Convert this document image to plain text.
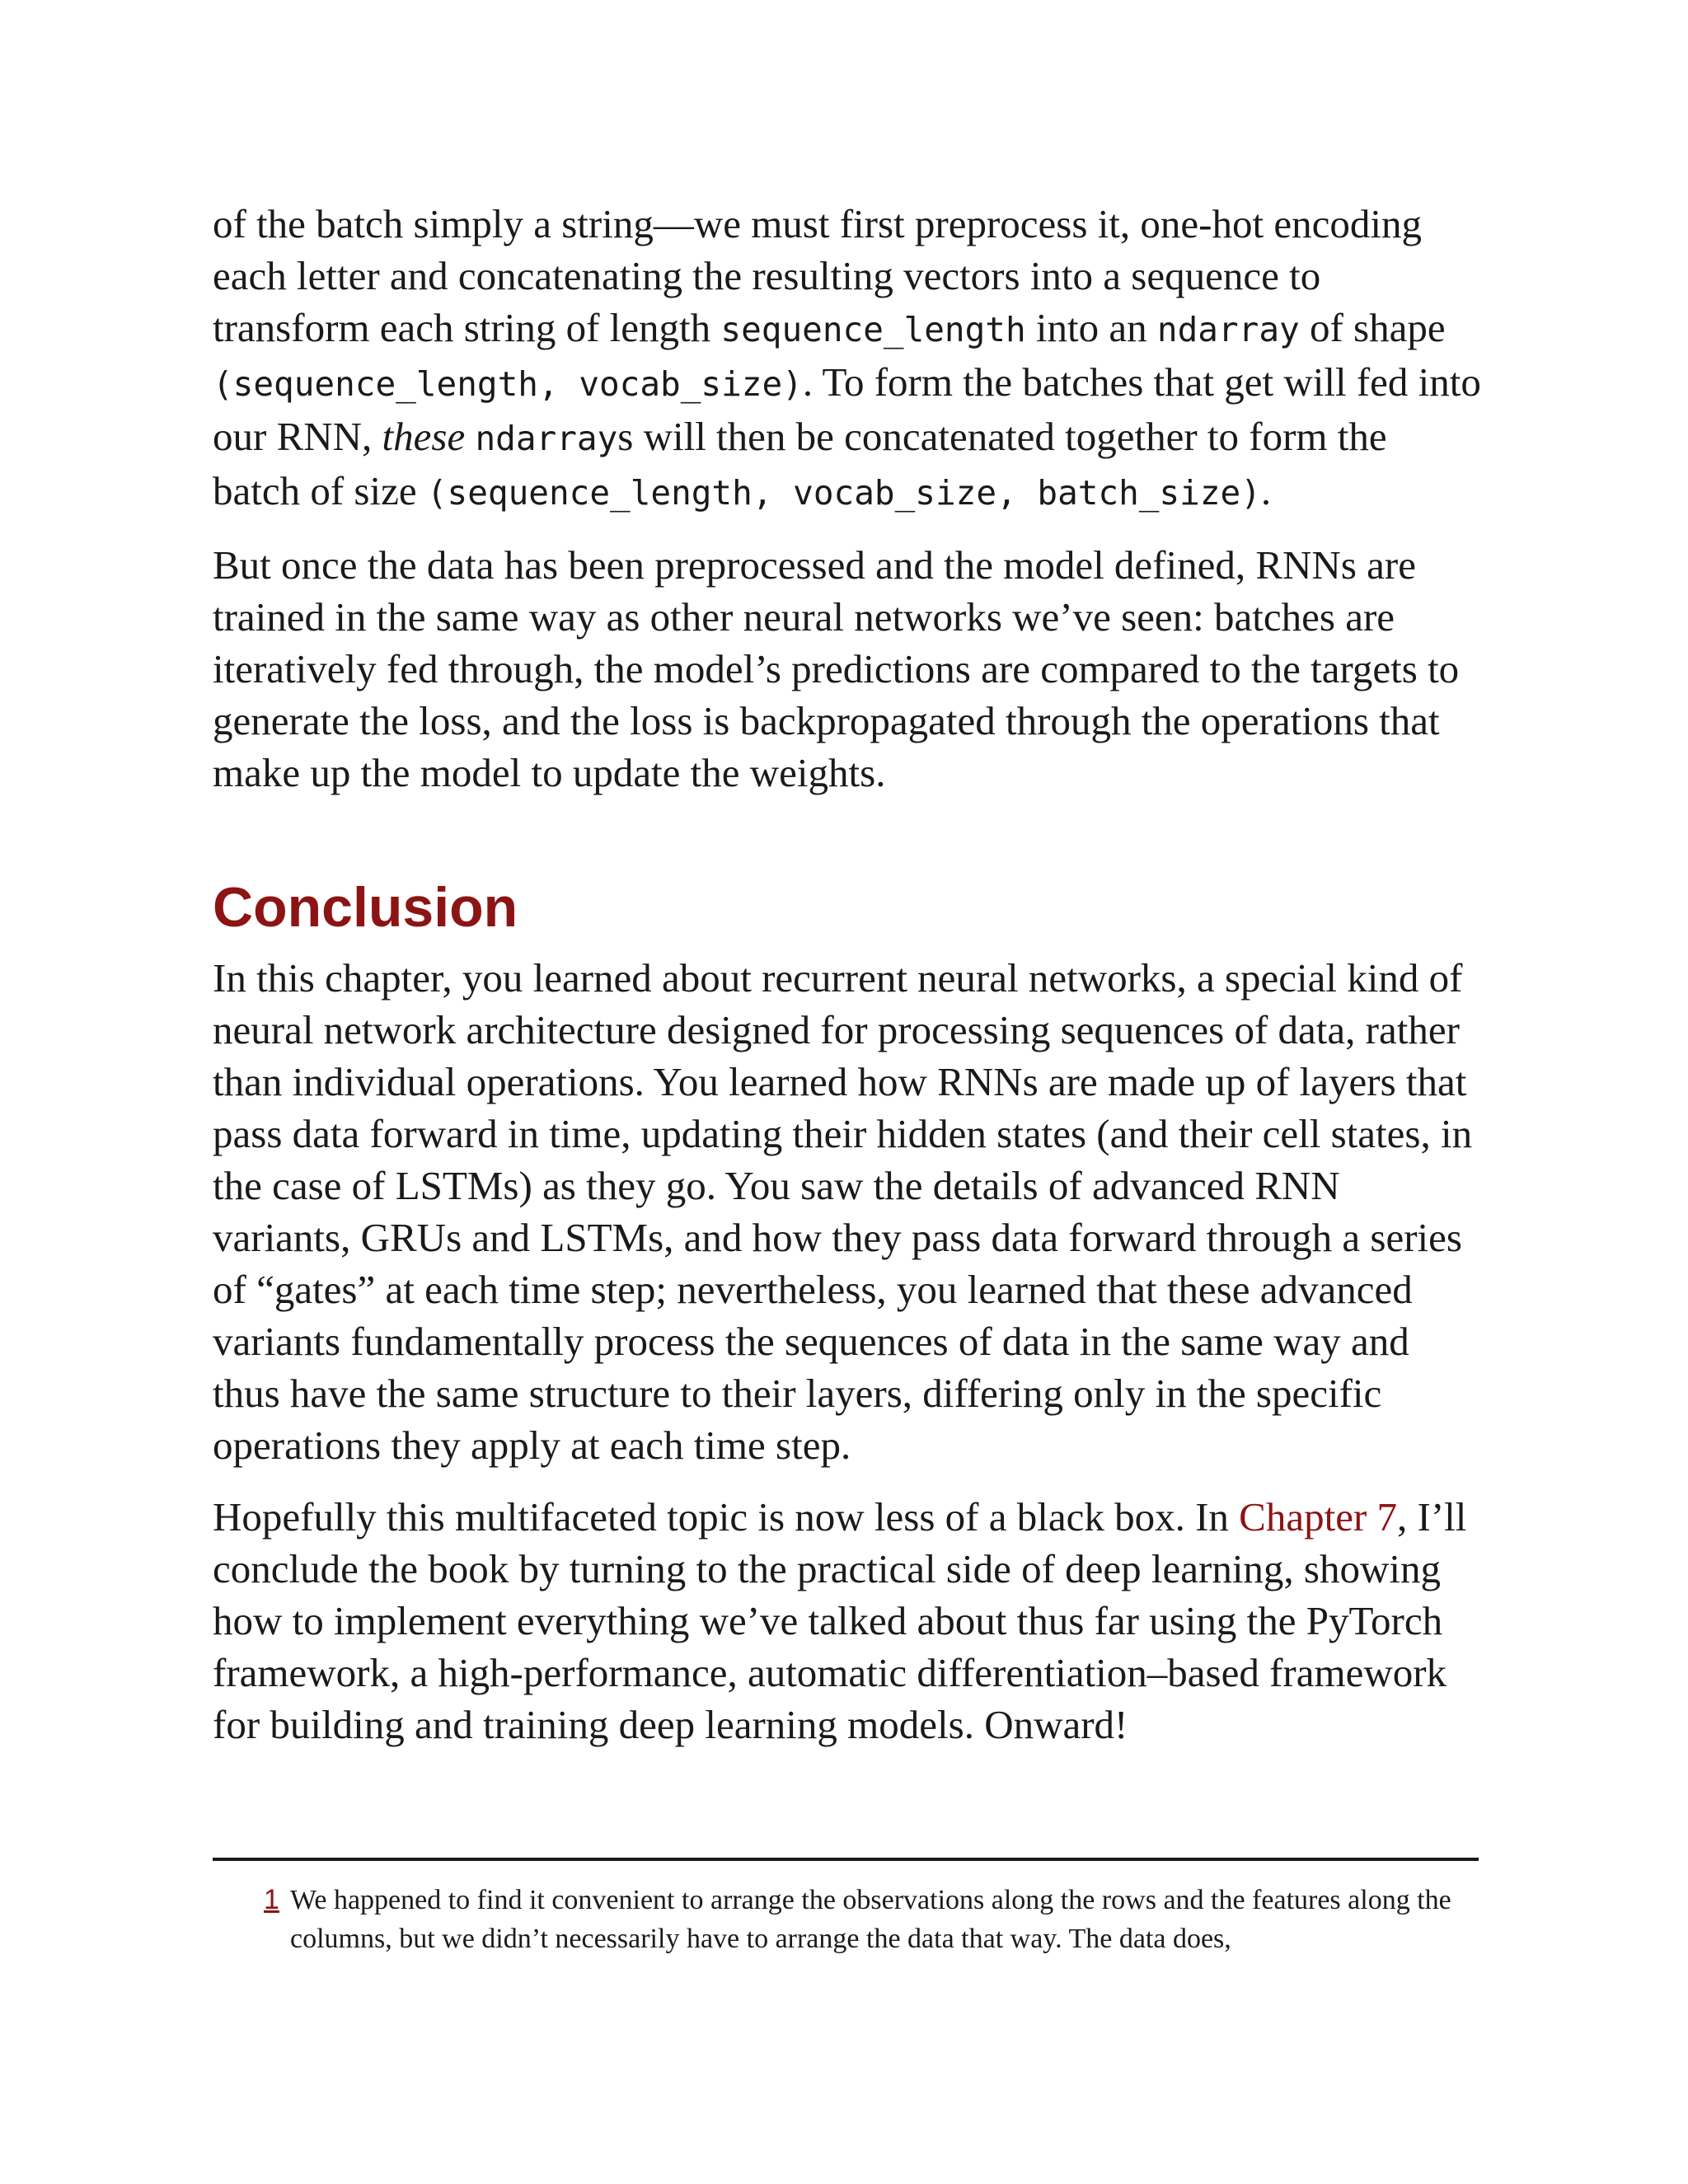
of the batch simply a string—we must first preprocess it, one-hot encoding each letter and concatenating the resulting vectors into a sequence to transform each string of length sequence_length into an ndarray of shape (sequence_length, vocab_size). To form the batches that get will fed into our RNN, these ndarrays will then be concatenated together to form the batch of size (sequence_length, vocab_size, batch_size).

But once the data has been preprocessed and the model defined, RNNs are trained in the same way as other neural networks we’ve seen: batches are iteratively fed through, the model’s predictions are compared to the targets to generate the loss, and the loss is backpropagated through the operations that make up the model to update the weights.

Conclusion

In this chapter, you learned about recurrent neural networks, a special kind of neural network architecture designed for processing sequences of data, rather than individual operations. You learned how RNNs are made up of layers that pass data forward in time, updating their hidden states (and their cell states, in the case of LSTMs) as they go. You saw the details of advanced RNN variants, GRUs and LSTMs, and how they pass data forward through a series of “gates” at each time step; nevertheless, you learned that these advanced variants fundamentally process the sequences of data in the same way and thus have the same structure to their layers, differing only in the specific operations they apply at each time step.

Hopefully this multifaceted topic is now less of a black box. In Chapter 7, I’ll conclude the book by turning to the practical side of deep learning, showing how to implement everything we’ve talked about thus far using the PyTorch framework, a high-performance, automatic differentiation–based framework for building and training deep learning models. Onward!

1 We happened to find it convenient to arrange the observations along the rows and the features along the columns, but we didn’t necessarily have to arrange the data that way. The data does,
